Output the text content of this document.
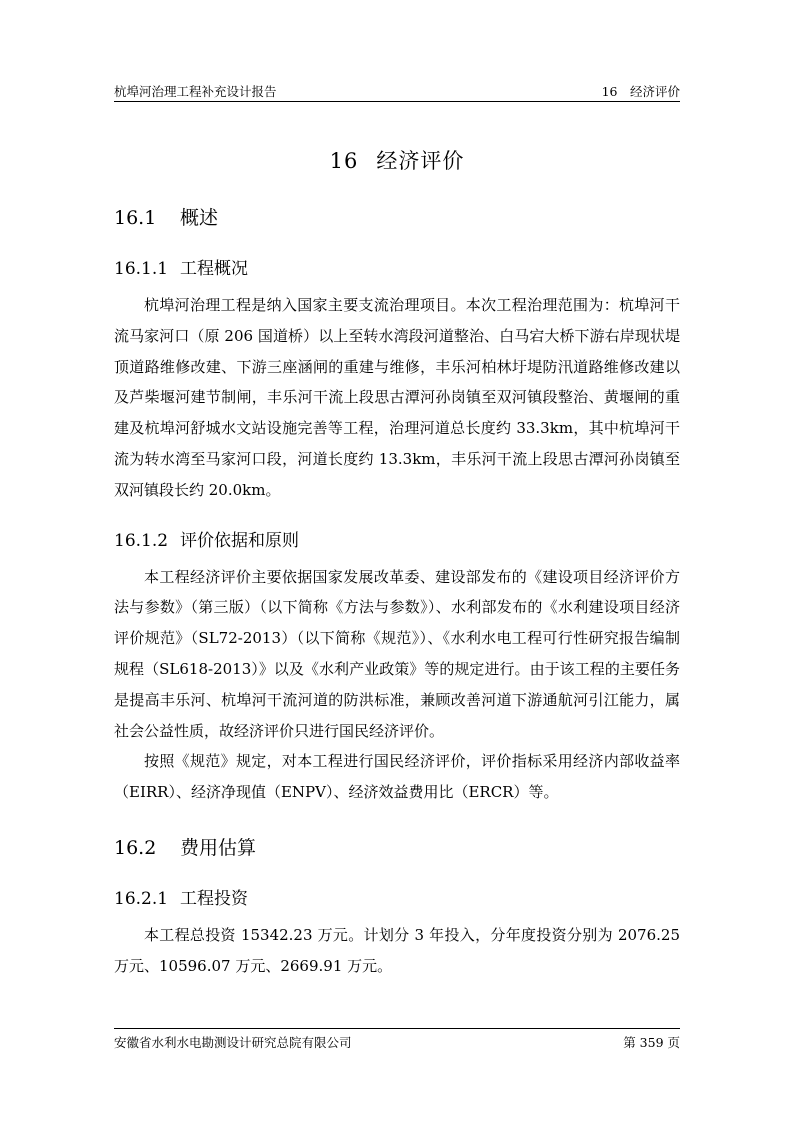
杭埠河治理工程补充设计报告	16　经济评价
16 经济评价
16.1 概述
16.1.1 工程概况

杭埠河治理工程是纳入国家主要支流治理项目。本次工程治理范围为：杭埠河干流马家河口（原 206 国道桥）以上至转水湾段河道整治、白马宕大桥下游右岸现状堤顶道路维修改建、下游三座涵闸的重建与维修，丰乐河柏林圩堤防汛道路维修改建以及芦柴堰河建节制闸，丰乐河干流上段思古潭河孙岗镇至双河镇段整治、黄堰闸的重建及杭埠河舒城水文站设施完善等工程，治理河道总长度约 33.3km，其中杭埠河干流为转水湾至马家河口段，河道长度约 13.3km，丰乐河干流上段思古潭河孙岗镇至双河镇段长约 20.0km。

16.1.2 评价依据和原则

本工程经济评价主要依据国家发展改革委、建设部发布的《建设项目经济评价方法与参数》（第三版）（以下简称《方法与参数》）、水利部发布的《水利建设项目经济评价规范》（SL72-2013）（以下简称《规范》）、《水利水电工程可行性研究报告编制规程（SL618-2013）》以及《水利产业政策》等的规定进行。由于该工程的主要任务是提高丰乐河、杭埠河干流河道的防洪标准，兼顾改善河道下游通航河引江能力，属社会公益性质，故经济评价只进行国民经济评价。

按照《规范》规定，对本工程进行国民经济评价，评价指标采用经济内部收益率（EIRR）、经济净现值（ENPV）、经济效益费用比（ERCR）等。

16.2 费用估算
16.2.1 工程投资

本工程总投资 15342.23 万元。计划分 3 年投入，分年度投资分别为 2076.25 万元、10596.07 万元、2669.91 万元。

安徽省水利水电勘测设计研究总院有限公司	第 359 页
